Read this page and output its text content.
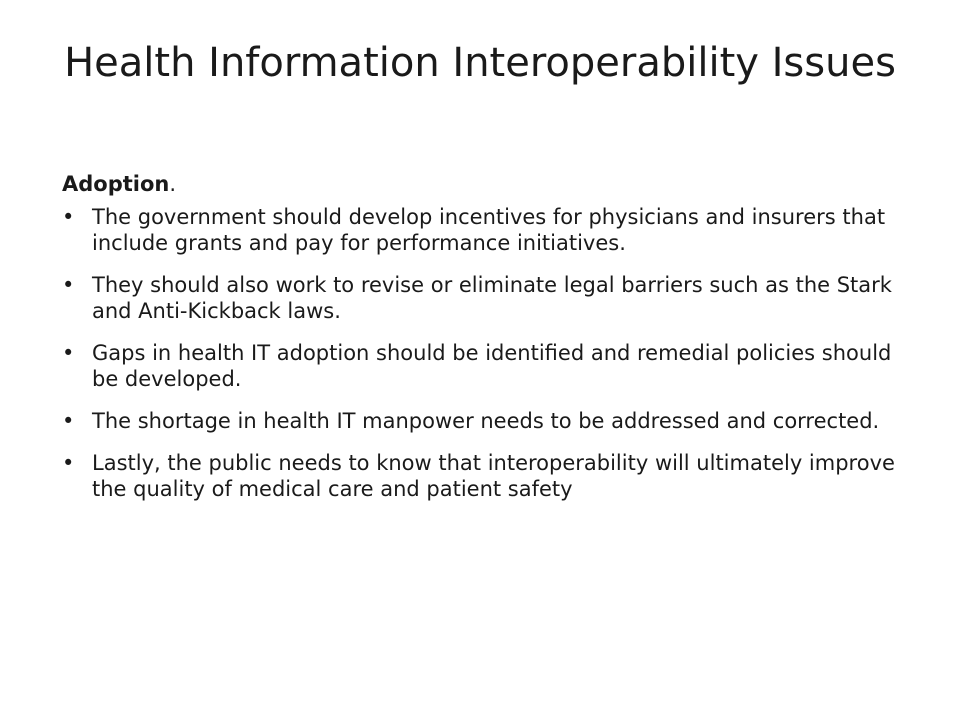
Health Information Interoperability Issues

Adoption.

• The government should develop incentives for physicians and insurers that include grants and pay for performance initiatives.
• They should also work to revise or eliminate legal barriers such as the Stark and Anti-Kickback laws.
• Gaps in health IT adoption should be identified and remedial policies should be developed.
• The shortage in health IT manpower needs to be addressed and corrected.
• Lastly, the public needs to know that interoperability will ultimately improve the quality of medical care and patient safety
